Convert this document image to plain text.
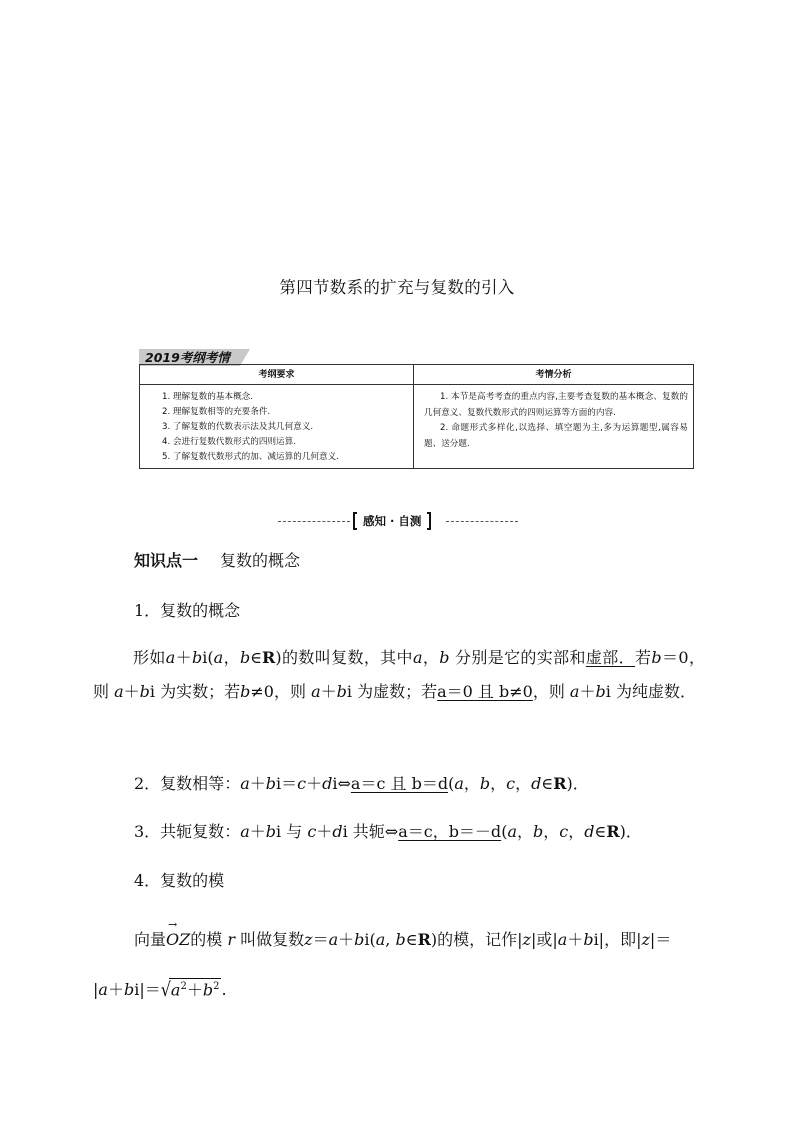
第四节数系的扩充与复数的引入
2019考纲考情
考纲要求	考情分析
1. 理解复数的基本概念.
2. 理解复数相等的充要条件.
3. 了解复数的代数表示法及其几何意义.
4. 会进行复数代数形式的四则运算.
5. 了解复数代数形式的加、减运算的几何意义.

1. 本节是高考考查的重点内容,主要考查复数的基本概念、复数的几何意义、复数代数形式的四则运算等方面的内容.

2. 命题形式多样化,以选择、填空题为主,多为运算题型,属容易题、送分题.

感知 · 自测
知识点一 复数的概念
1．复数的概念
形如a＋bi(a，b∈R)的数叫复数，其中a，b 分别是它的实部和虚部．若b＝0，则 a＋bi 为实数；若b≠0，则 a＋bi 为虚数；若a＝0 且 b≠0，则 a＋bi 为纯虚数．
2．复数相等：a＋bi＝c＋di⇔a＝c 且 b＝d(a，b，c，d∈R)．
3．共轭复数：a＋bi 与 c＋di 共轭⇔a＝c，b＝－d(a，b，c，d∈R)．
4．复数的模
向量
→
OZ的模 r 叫做复数z＝a＋bi(a, b∈R)的模，记作|z|或|a＋bi|，即|z|＝
$|a+bi|=√a^2+b^2$ .
